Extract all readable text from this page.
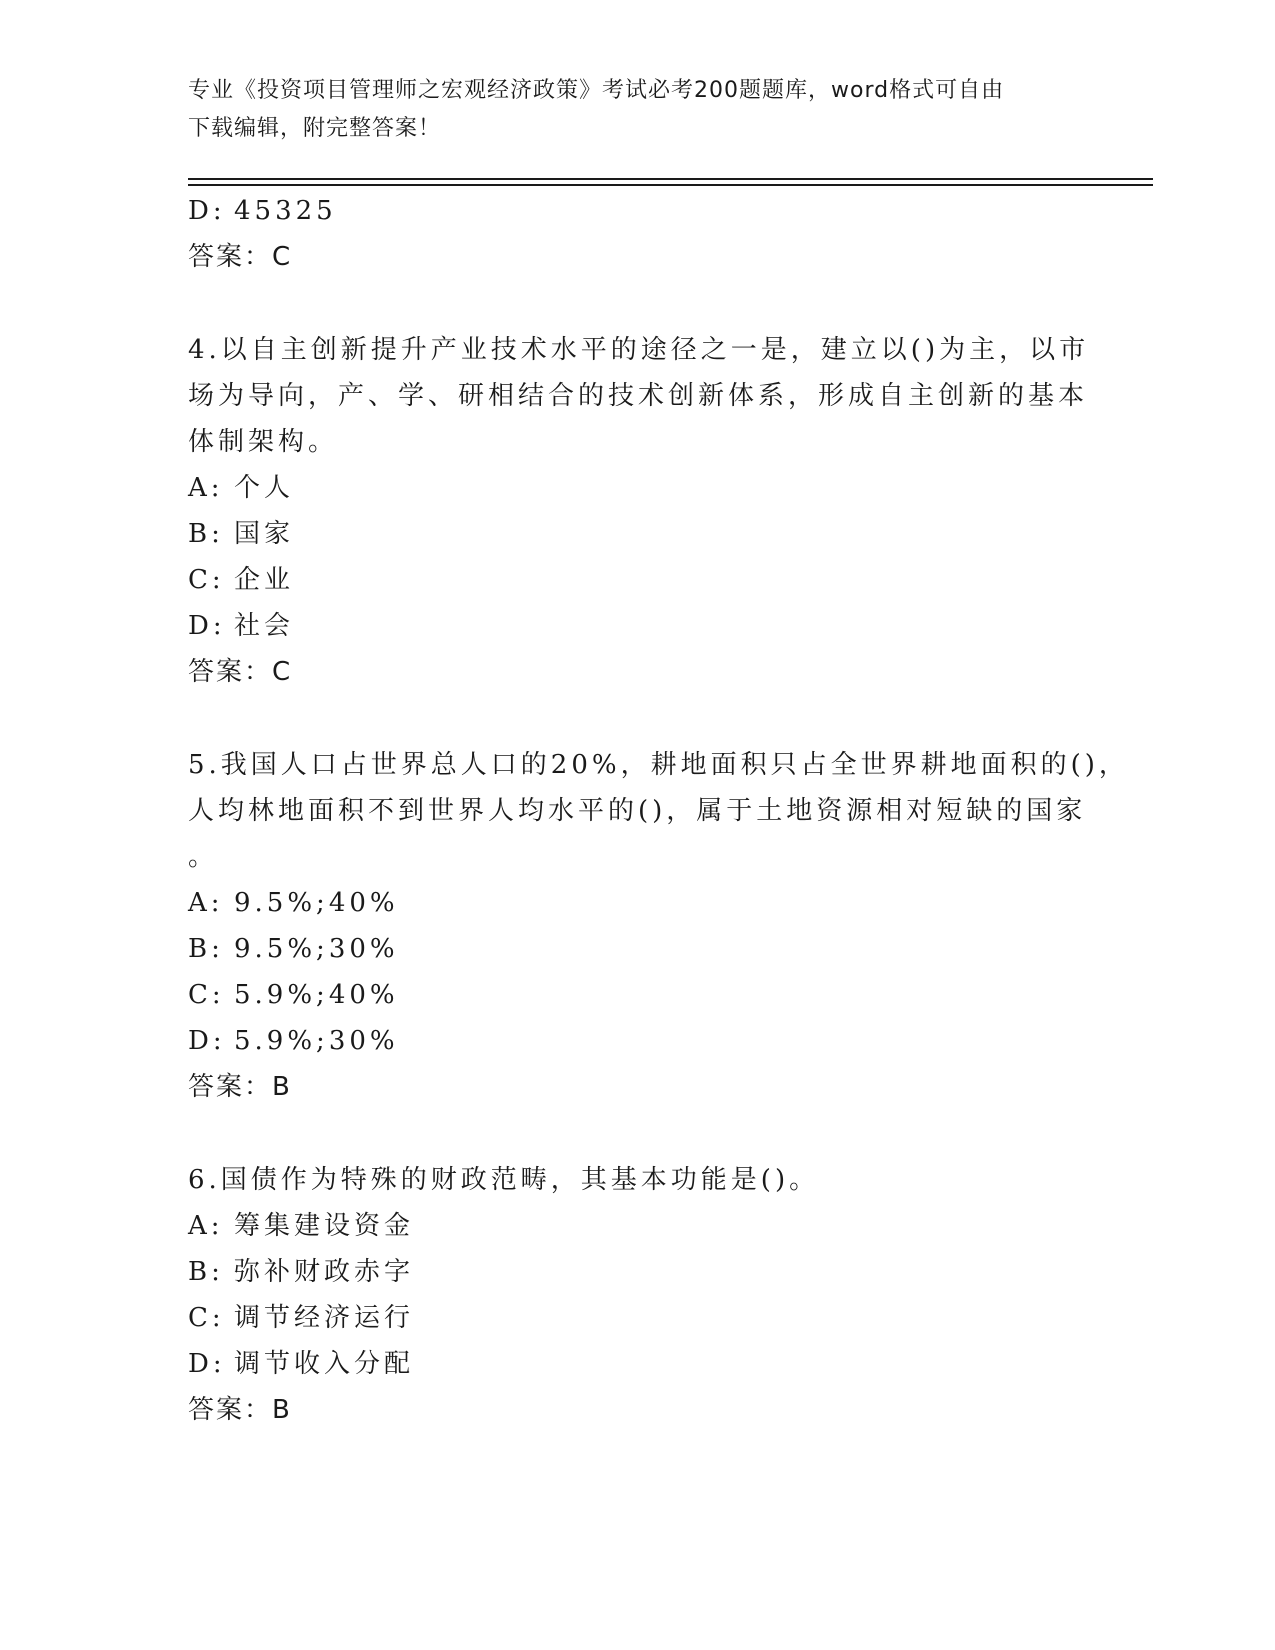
专业《投资项目管理师之宏观经济政策》考试必考200题题库，word格式可自由
下载编辑，附完整答案！
D: 45325
答案：C
4.以自主创新提升产业技术水平的途径之一是，建立以()为主，以市
场为导向，产、学、研相结合的技术创新体系，形成自主创新的基本
体制架构。
A: 个人
B: 国家
C: 企业
D: 社会
答案：C
5.我国人口占世界总人口的20%，耕地面积只占全世界耕地面积的()，
人均林地面积不到世界人均水平的()，属于土地资源相对短缺的国家
。
A: 9.5%;40%
B: 9.5%;30%
C: 5.9%;40%
D: 5.9%;30%
答案：B
6.国债作为特殊的财政范畴，其基本功能是()。
A: 筹集建设资金
B: 弥补财政赤字
C: 调节经济运行
D: 调节收入分配
答案：B
